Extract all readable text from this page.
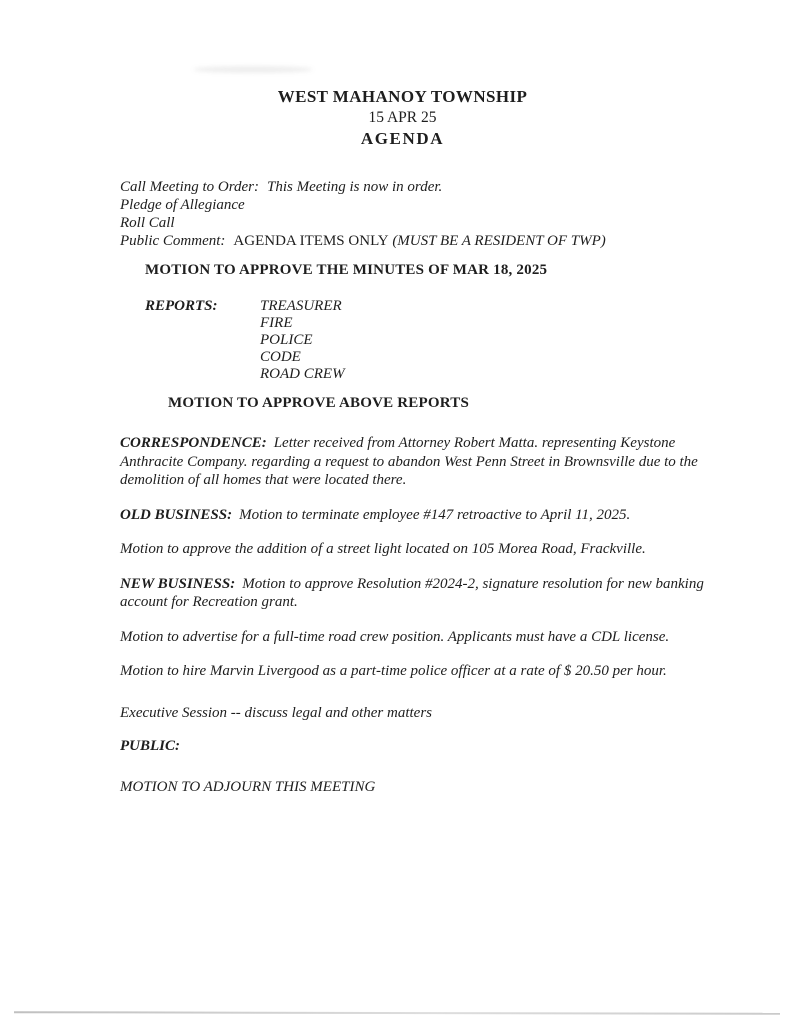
WEST MAHANOY TOWNSHIP
15 APR 25
AGENDA
Call Meeting to Order: This Meeting is now in order.
Pledge of Allegiance
Roll Call
Public Comment: AGENDA ITEMS ONLY (MUST BE A RESIDENT OF TWP)
MOTION TO APPROVE THE MINUTES OF MAR 18, 2025
REPORTS:	TREASURER
FIRE
POLICE
CODE
ROAD CREW
MOTION TO APPROVE ABOVE REPORTS
CORRESPONDENCE: Letter received from Attorney Robert Matta. representing Keystone Anthracite Company. regarding a request to abandon West Penn Street in Brownsville due to the demolition of all homes that were located there.
OLD BUSINESS: Motion to terminate employee #147 retroactive to April 11, 2025.
Motion to approve the addition of a street light located on 105 Morea Road, Frackville.
NEW BUSINESS: Motion to approve Resolution #2024-2, signature resolution for new banking account for Recreation grant.
Motion to advertise for a full-time road crew position. Applicants must have a CDL license.
Motion to hire Marvin Livergood as a part-time police officer at a rate of $ 20.50 per hour.
Executive Session -- discuss legal and other matters
PUBLIC:
MOTION TO ADJOURN THIS MEETING
